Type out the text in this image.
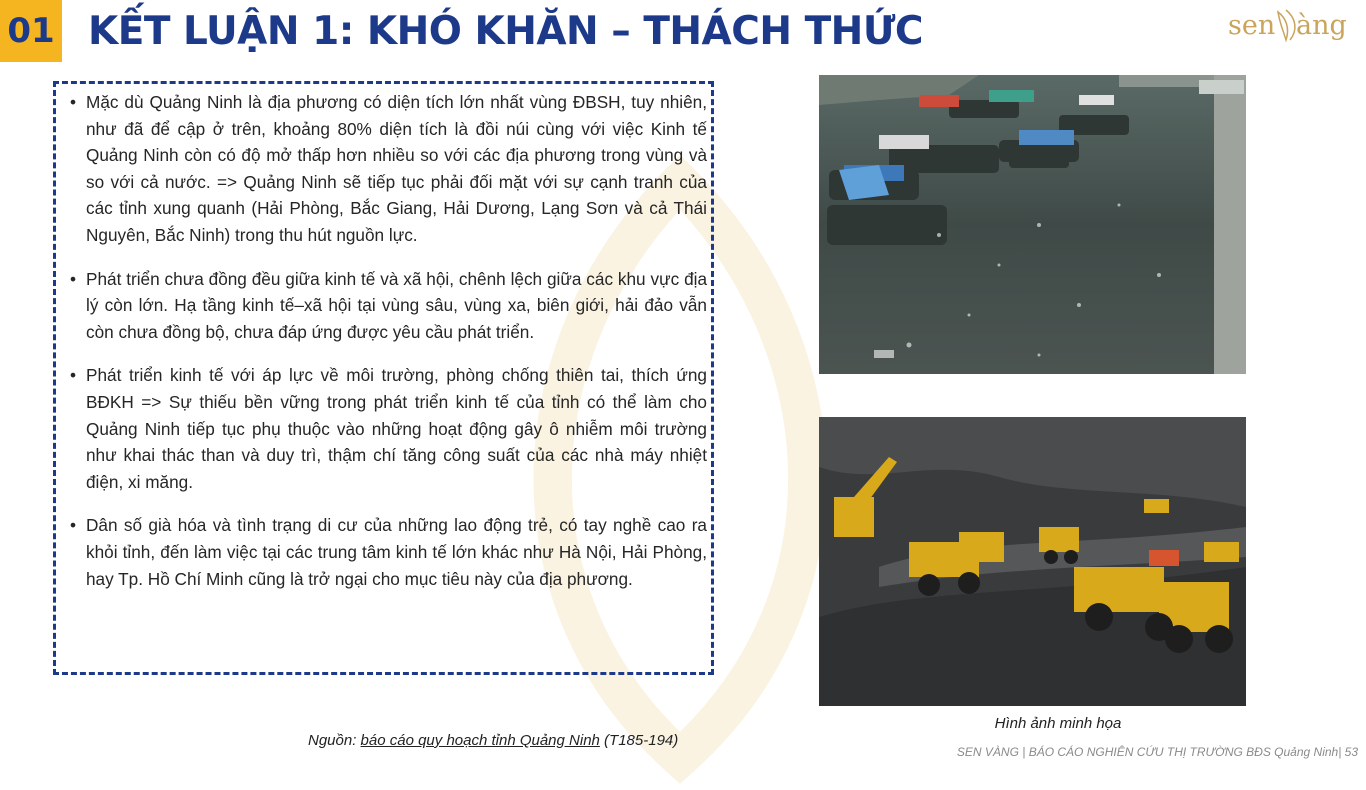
01 KẾT LUẬN 1: KHÓ KHĂN – THÁCH THỨC	sen àng
• Mặc dù Quảng Ninh là địa phương có diện tích lớn nhất vùng ĐBSH, tuy nhiên, như đã để cập ở trên, khoảng 80% diện tích là đồi núi cùng với việc Kinh tế Quảng Ninh còn có độ mở thấp hơn nhiều so với các địa phương trong vùng và so với cả nước. => Quảng Ninh sẽ tiếp tục phải đối mặt với sự cạnh tranh của các tỉnh xung quanh (Hải Phòng, Bắc Giang, Hải Dương, Lạng Sơn và cả Thái Nguyên, Bắc Ninh) trong thu hút nguồn lực.
• Phát triển chưa đồng đều giữa kinh tế và xã hội, chênh lệch giữa các khu vực địa lý còn lớn. Hạ tầng kinh tế–xã hội tại vùng sâu, vùng xa, biên giới, hải đảo vẫn còn chưa đồng bộ, chưa đáp ứng được yêu cầu phát triển.
• Phát triển kinh tế với áp lực về môi trường, phòng chống thiên tai, thích ứng BĐKH => Sự thiếu bền vững trong phát triển kinh tế của tỉnh có thể làm cho Quảng Ninh tiếp tục phụ thuộc vào những hoạt động gây ô nhiễm môi trường như khai thác than và duy trì, thậm chí tăng công suất của các nhà máy nhiệt điện, xi măng.
• Dân số già hóa và tình trạng di cư của những lao động trẻ, có tay nghề cao ra khỏi tỉnh, đến làm việc tại các trung tâm kinh tế lớn khác như Hà Nội, Hải Phòng, hay Tp. Hồ Chí Minh cũng là trở ngại cho mục tiêu này của địa phương.
Hình ảnh minh họa
Nguồn: báo cáo quy hoạch tỉnh Quảng Ninh (T185-194)
SEN VÀNG | BÁO CÁO NGHIÊN CỨU THỊ TRƯỜNG BĐS Quảng Ninh| 53
